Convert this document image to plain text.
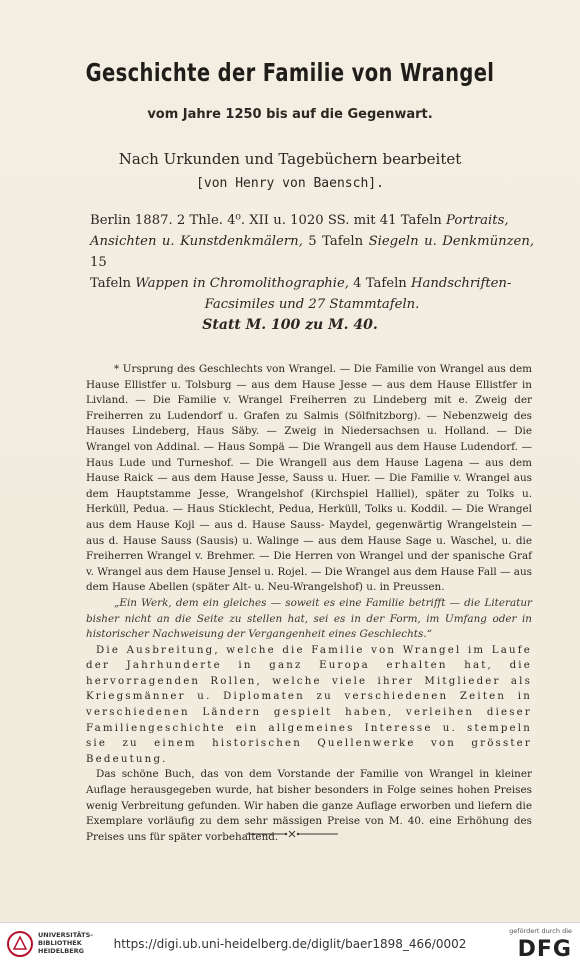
Geschichte der Familie von Wrangel
vom Jahre 1250 bis auf die Gegenwart.
Nach Urkunden und Tagebüchern bearbeitet
[von Henry von Baensch].
Berlin 1887. 2 Thle. 4⁰. XII u. 1020 SS. mit 41 Tafeln Portraits,
Ansichten u. Kunstdenkmälern, 5 Tafeln Siegeln u. Denkmünzen, 15
Tafeln Wappen in Chromolithographie, 4 Tafeln Handschriften-

Facsimiles und 27 Stammtafeln.
Statt M. 100 zu M. 40.

* Ursprung des Geschlechts von Wrangel. — Die Familie von Wrangel aus dem Hause Ellistfer u. Tolsburg — aus dem Hause Jesse — aus dem Hause Ellistfer in Livland. — Die Familie v. Wrangel Freiherren zu Lindeberg mit e. Zweig der Freiherren zu Ludendorf u. Grafen zu Salmis (Sölfnitzborg). — Nebenzweig des Hauses Lindeberg, Haus Säby. — Zweig in Niedersachsen u. Holland. — Die Wrangel von Addinal. — Haus Sompä — Die Wrangell aus dem Hause Ludendorf. — Haus Lude und Turneshof. — Die Wrangell aus dem Hause Lagena — aus dem Hause Raick — aus dem Hause Jesse, Sauss u. Huer. — Die Familie v. Wrangel aus dem Hauptstamme Jesse, Wrangelshof (Kirchspiel Halliel), später zu Tolks u. Herküll, Pedua. — Haus Sticklecht, Pedua, Herküll, Tolks u. Koddil. — Die Wrangel aus dem Hause Kojl — aus d. Hause Sauss- Maydel, gegenwärtig Wrangelstein — aus d. Hause Sauss (Sausis) u. Walinge — aus dem Hause Sage u. Waschel, u. die Freiherren Wrangel v. Brehmer. — Die Herren von Wrangel und der spanische Graf v. Wrangel aus dem Hause Jensel u. Rojel. — Die Wrangel aus dem Hause Fall — aus dem Hause Abellen (später Alt- u. Neu-Wrangelshof) u. in Preussen.

„Ein Werk, dem ein gleiches — soweit es eine Familie betrifft — die Literatur bisher nicht an die Seite zu stellen hat, sei es in der Form, im Umfang oder in historischer Nachweisung der Vergangenheit eines Geschlechts.“

Die Ausbreitung, welche die Familie von Wrangel im Laufe der Jahrhunderte in ganz Europa erhalten hat, die hervorragenden Rollen, welche viele ihrer Mitglieder als Kriegsmänner u. Diplomaten zu verschiedenen Zeiten in verschiedenen Ländern gespielt haben, verleihen dieser Familiengeschichte ein allgemeines Interesse u. stempeln sie zu einem historischen Quellenwerke von grösster Bedeutung.

Das schöne Buch, das von dem Vorstande der Familie von Wrangel in kleiner Auflage herausgegeben wurde, hat bisher besonders in Folge seines hohen Preises wenig Verbreitung gefunden. Wir haben die ganze Auflage erworben und liefern die Exemplare vorläufig zu dem sehr mässigen Preise von M. 40. eine Erhöhung des Preises uns für später vorbehaltend.

UNIVERSITÄTS-
BIBLIOTHEK
HEIDELBERG	https://digi.ub.uni-heidelberg.de/diglit/baer1898_466/0002
gefördert durch die
DFG
